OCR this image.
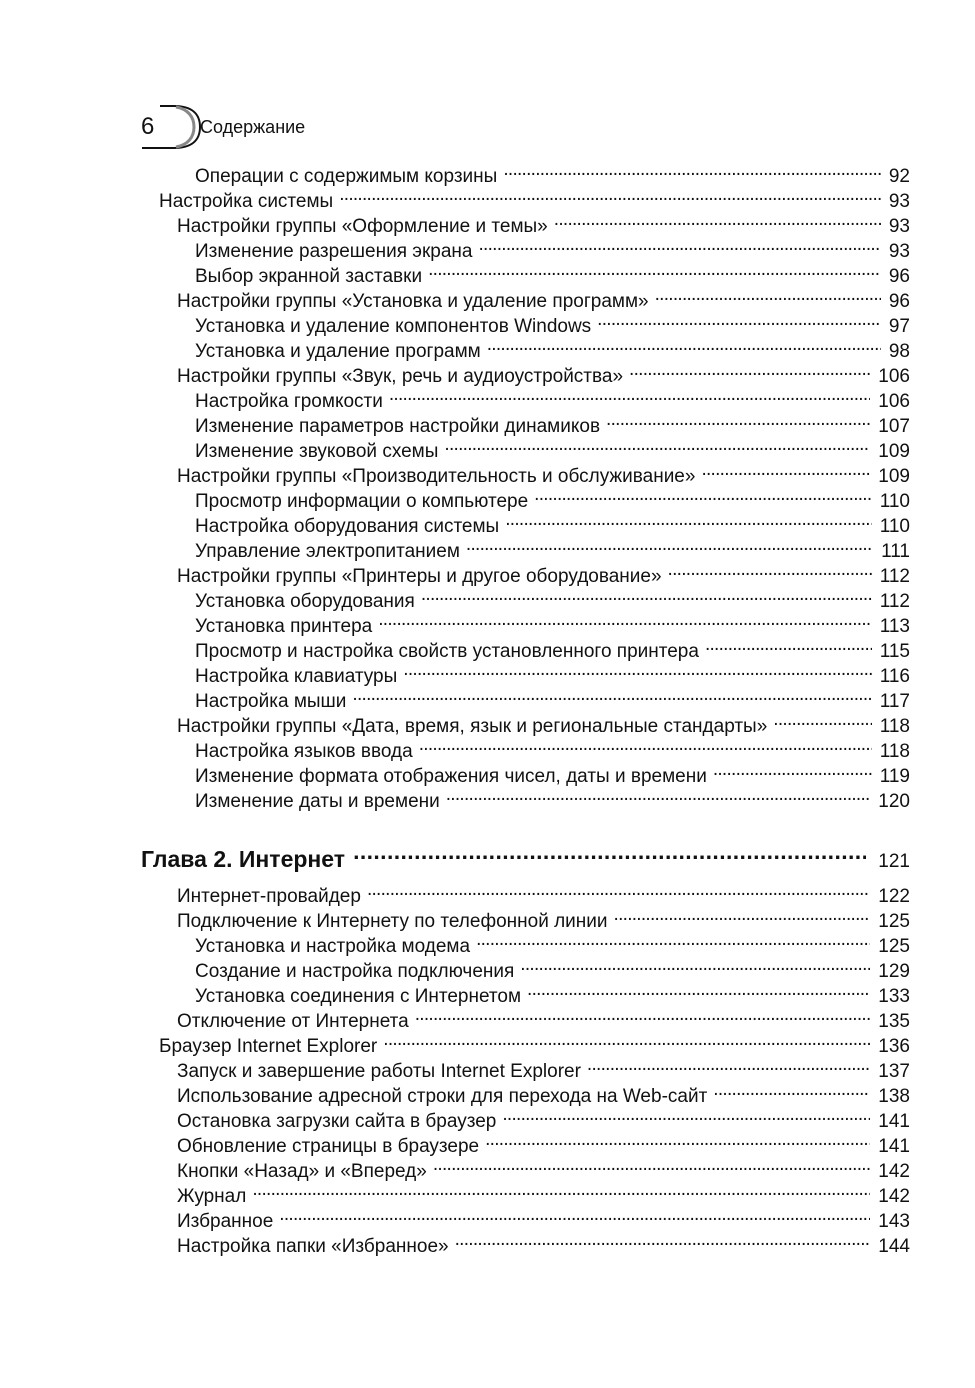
6	Содержание
Операции с содержимым корзины . . .	92
Настройка системы . . .	93
Настройки группы «Оформление и темы» . . .	93
Изменение разрешения экрана . . .	93
Выбор экранной заставки . . .	96
Настройки группы «Установка и удаление программ» . . .	96
Установка и удаление компонентов Windows . . .	97
Установка и удаление программ . . .	98
Настройки группы «Звук, речь и аудиоустройства» . . .	106
Настройка громкости . . .	106
Изменение параметров настройки динамиков . . .	107
Изменение звуковой схемы . . .	109
Настройки группы «Производительность и обслуживание» . . .	109
Просмотр информации о компьютере . . .	110
Настройка оборудования системы . . .	110
Управление электропитанием . . .	111
Настройки группы «Принтеры и другое оборудование» . . .	112
Установка оборудования . . .	112
Установка принтера . . .	113
Просмотр и настройка свойств установленного принтера . . .	115
Настройка клавиатуры . . .	116
Настройка мыши . . .	117
Настройки группы «Дата, время, язык и региональные стандарты» . . .	118
Настройка языков ввода . . .	118
Изменение формата отображения чисел, даты и времени . . .	119
Изменение даты и времени . . .	120
Глава 2. Интернет . . .	121
Интернет-провайдер . . .	122
Подключение к Интернету по телефонной линии . . .	125
Установка и настройка модема . . .	125
Создание и настройка подключения . . .	129
Установка соединения с Интернетом . . .	133
Отключение от Интернета . . .	135
Браузер Internet Explorer . . .	136
Запуск и завершение работы Internet Explorer . . .	137
Использование адресной строки для перехода на Web-сайт . . .	138
Остановка загрузки сайта в браузер . . .	141
Обновление страницы в браузере . . .	141
Кнопки «Назад» и «Вперед» . . .	142
Журнал . . .	142
Избранное . . .	143
Настройка папки «Избранное» . . .	144
